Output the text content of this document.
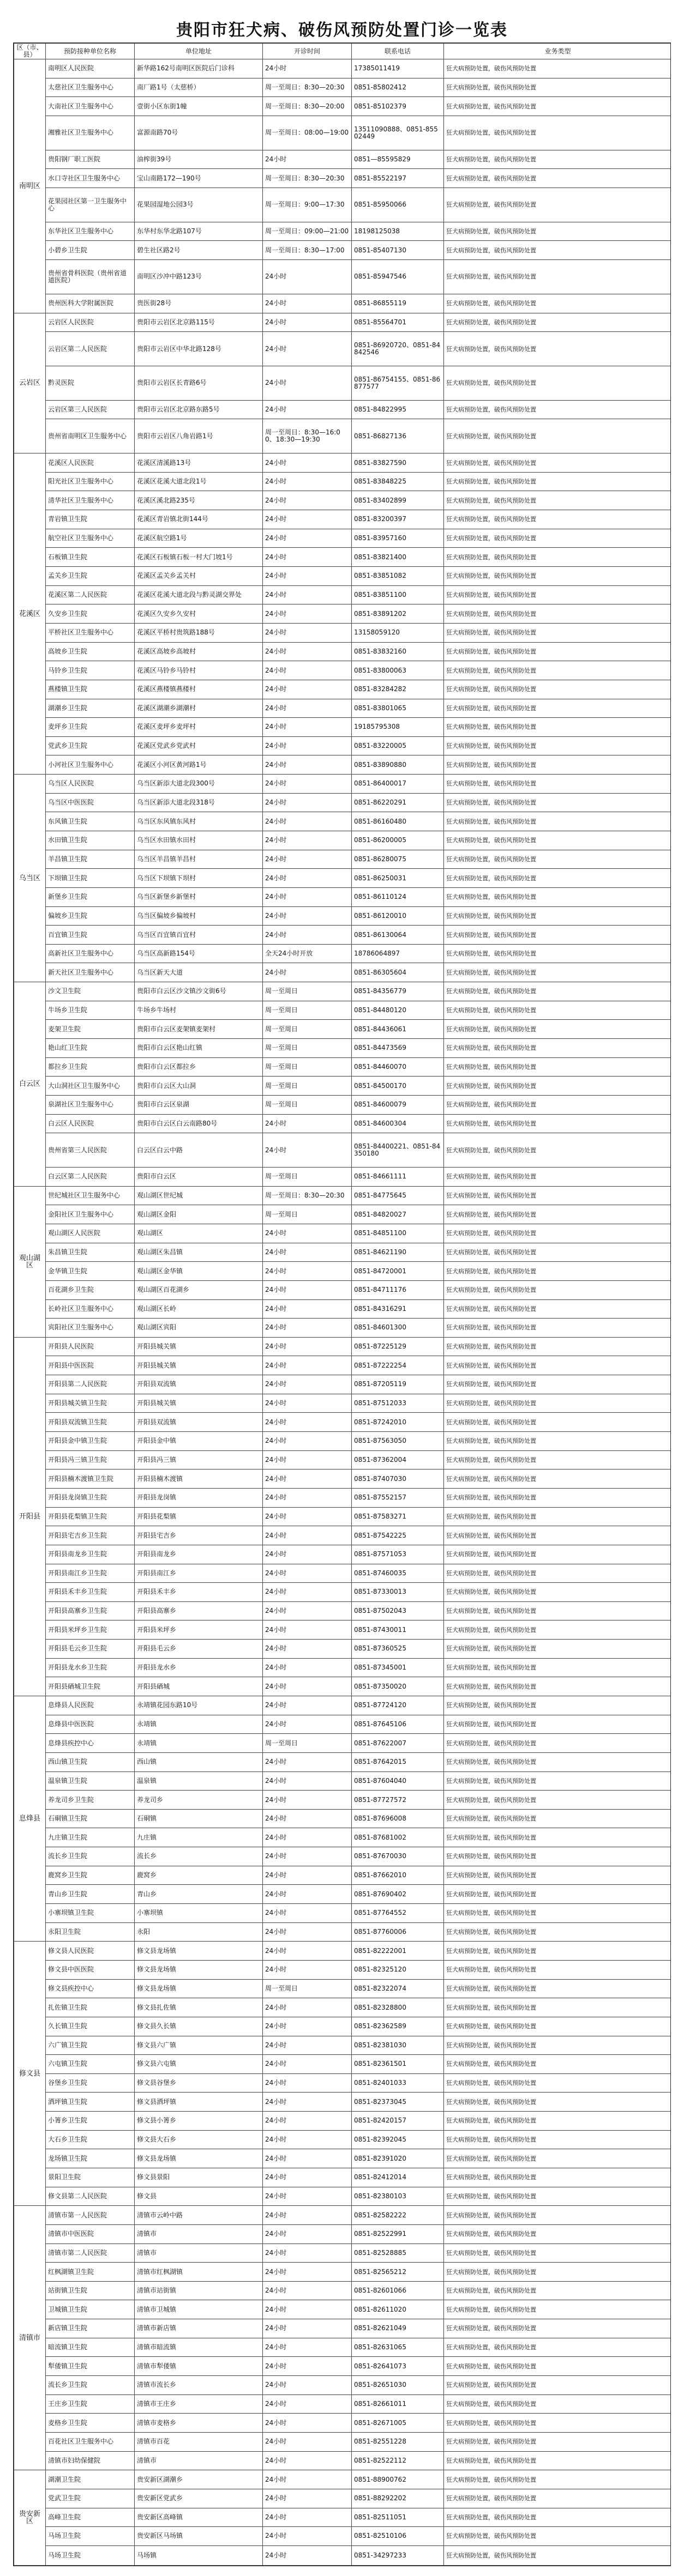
贵阳市狂犬病、破伤风预防处置门诊一览表
区（市、县）	预防接种单位名称	单位地址	开诊时间	联系电话	业务类型
南明区	南明区人民医院	新华路162号南明区医院后门诊科	24小时	17385011419	狂犬病预防处置，破伤风预防处置
	太慈社区卫生服务中心	南厂路1号（太慈桥）	周一至周日：8:30—20:30	0851-85802412	狂犬病预防处置，破伤风预防处置
	大南社区卫生服务中心	壹街小区东街1幢	周一至周日：8:30—20:00	0851-85102379	狂犬病预防处置，破伤风预防处置
	湘雅社区卫生服务中心	富源南路70号	周一至周日：08:00—19:00	13511090888、0851-85502449	狂犬病预防处置，破伤风预防处置
	贵阳钢厂职工医院	油榨街39号	24小时	0851—85595829	狂犬病预防处置，破伤风预防处置
	水口寺社区卫生服务中心	宝山南路172—190号	周一至周日：8:30—20:30	0851-85522197	狂犬病预防处置，破伤风预防处置
	花果园社区第一卫生服务中心	花果园湿地公园3号	周一至周日：9:00—17:30	0851-85950066	狂犬病预防处置，破伤风预防处置
	东华社区卫生服务中心	东华村东华北路107号	周一至周日：09:00—21:00	18198125038	狂犬病预防处置，破伤风预防处置
	小碧乡卫生院	碧生社区路2号	周一至周日：8:30—17:00	0851-85407130	狂犬病预防处置，破伤风预防处置
	贵州省骨科医院（贵州省道道医院）	南明区沙冲中路123号	24小时	0851-85947546	狂犬病预防处置，破伤风预防处置
	贵州医科大学附属医院	贵医街28号	24小时	0851-86855119	狂犬病预防处置，破伤风预防处置
云岩区	云岩区人民医院	贵阳市云岩区北京路115号	24小时	0851-85564701	狂犬病预防处置，破伤风预防处置
	云岩区第二人民医院	贵阳市云岩区中华北路128号	24小时	0851-86920720、0851-84842546	狂犬病预防处置，破伤风预防处置
	黔灵医院	贵阳市云岩区长青路6号	24小时	0851-86754155、0851-86877577	狂犬病预防处置，破伤风预防处置
	云岩区第三人民医院	贵阳市云岩区北京路东路5号	24小时	0851-84822995	狂犬病预防处置，破伤风预防处置
	贵州省南明区卫生服务中心	贵阳市云岩区八角岩路1号	周一至周日：8:30—16:00、18:30—19:30	0851-86827136	狂犬病预防处置，破伤风预防处置
花溪区	花溪区人民医院	花溪区清溪路13号	24小时	0851-83827590	狂犬病预防处置，破伤风预防处置
	阳光社区卫生服务中心	花溪区花溪大道北段1号	24小时	0851-83848225	狂犬病预防处置，破伤风预防处置
	清华社区卫生服务中心	花溪区溪北路235号	24小时	0851-83402899	狂犬病预防处置，破伤风预防处置
	青岩镇卫生院	花溪区青岩镇北街144号	24小时	0851-83200397	狂犬病预防处置，破伤风预防处置
	航空社区卫生服务中心	花溪区航空路1号	24小时	0851-83957160	狂犬病预防处置，破伤风预防处置
	石板镇卫生院	花溪区石板镇石板一村大门坡1号	24小时	0851-83821400	狂犬病预防处置，破伤风预防处置
	孟关乡卫生院	花溪区孟关乡孟关村	24小时	0851-83851082	狂犬病预防处置，破伤风预防处置
	花溪区第二人民医院	花溪区花溪大道北段与黔灵湖交界处	24小时	0851-83851100	狂犬病预防处置，破伤风预防处置
	久安乡卫生院	花溪区久安乡久安村	24小时	0851-83891202	狂犬病预防处置，破伤风预防处置
	平桥社区卫生服务中心	花溪区平桥村贵筑路188号	24小时	13158059120	狂犬病预防处置，破伤风预防处置
	高坡乡卫生院	花溪区高坡乡高坡村	24小时	0851-83832160	狂犬病预防处置，破伤风预防处置
	马铃乡卫生院	花溪区马铃乡马铃村	24小时	0851-83800063	狂犬病预防处置，破伤风预防处置
	燕楼镇卫生院	花溪区燕楼镇燕楼村	24小时	0851-83284282	狂犬病预防处置，破伤风预防处置
	湖潮乡卫生院	花溪区湖潮乡湖潮村	24小时	0851-83801065	狂犬病预防处置，破伤风预防处置
	麦坪乡卫生院	花溪区麦坪乡麦坪村	24小时	19185795308	狂犬病预防处置，破伤风预防处置
	党武乡卫生院	花溪区党武乡党武村	24小时	0851-83220005	狂犬病预防处置，破伤风预防处置
	小河社区卫生服务中心	花溪区小河区黄河路1号	24小时	0851-83890880	狂犬病预防处置，破伤风预防处置
乌当区	乌当区人民医院	乌当区新添大道北段300号	24小时	0851-86400017	狂犬病预防处置，破伤风预防处置
	乌当区中医医院	乌当区新添大道北段318号	24小时	0851-86220291	狂犬病预防处置，破伤风预防处置
	东风镇卫生院	乌当区东风镇东风村	24小时	0851-86160480	狂犬病预防处置，破伤风预防处置
	水田镇卫生院	乌当区水田镇水田村	24小时	0851-86200005	狂犬病预防处置，破伤风预防处置
	羊昌镇卫生院	乌当区羊昌镇羊昌村	24小时	0851-86280075	狂犬病预防处置，破伤风预防处置
	下坝镇卫生院	乌当区下坝镇下坝村	24小时	0851-86250031	狂犬病预防处置，破伤风预防处置
	新堡乡卫生院	乌当区新堡乡新堡村	24小时	0851-86110124	狂犬病预防处置，破伤风预防处置
	偏坡乡卫生院	乌当区偏坡乡偏坡村	24小时	0851-86120010	狂犬病预防处置，破伤风预防处置
	百宜镇卫生院	乌当区百宜镇百宜村	24小时	0851-86130064	狂犬病预防处置，破伤风预防处置
	高新社区卫生服务中心	乌当区高新路154号	全天24小时开放	18786064897	狂犬病预防处置，破伤风预防处置
	新天社区卫生服务中心	乌当区新天大道	24小时	0851-86305604	狂犬病预防处置，破伤风预防处置
白云区	沙文卫生院	贵阳市白云区沙文镇沙文街6号	周一至周日	0851-84356779	狂犬病预防处置，破伤风预防处置
	牛场乡卫生院	牛场乡牛场村	周一至周日	0851-84480120	狂犬病预防处置，破伤风预防处置
	麦架卫生院	贵阳市白云区麦架镇麦架村	周一至周日	0851-84436061	狂犬病预防处置，破伤风预防处置
	艳山红卫生院	贵阳市白云区艳山红镇	周一至周日	0851-84473569	狂犬病预防处置，破伤风预防处置
	都拉乡卫生院	贵阳市白云区都拉乡	周一至周日	0851-84460070	狂犬病预防处置，破伤风预防处置
	大山洞社区卫生服务中心	贵阳市白云区大山洞	周一至周日	0851-84500170	狂犬病预防处置，破伤风预防处置
	泉湖社区卫生服务中心	贵阳市白云区泉湖	周一至周日	0851-84600079	狂犬病预防处置，破伤风预防处置
	白云区人民医院	贵阳市白云区白云南路80号	24小时	0851-84600304	狂犬病预防处置，破伤风预防处置
	贵州省第三人民医院	白云区白云中路	24小时	0851-84400221、0851-84350180	狂犬病预防处置，破伤风预防处置
	白云区第二人民医院	贵阳市白云区	周一至周日	0851-84661111	狂犬病预防处置，破伤风预防处置
观山湖区	世纪城社区卫生服务中心	观山湖区世纪城	周一至周日：8:30—20:30	0851-84775645	狂犬病预防处置，破伤风预防处置
	金阳社区卫生服务中心	观山湖区金阳	周一至周日	0851-84820027	狂犬病预防处置，破伤风预防处置
	观山湖区人民医院	观山湖区	24小时	0851-84851100	狂犬病预防处置，破伤风预防处置
	朱昌镇卫生院	观山湖区朱昌镇	24小时	0851-84621190	狂犬病预防处置，破伤风预防处置
	金华镇卫生院	观山湖区金华镇	24小时	0851-84720001	狂犬病预防处置，破伤风预防处置
	百花湖乡卫生院	观山湖区百花湖乡	24小时	0851-84711176	狂犬病预防处置，破伤风预防处置
	长岭社区卫生服务中心	观山湖区长岭	24小时	0851-84316291	狂犬病预防处置，破伤风预防处置
	宾阳社区卫生服务中心	观山湖区宾阳	24小时	0851-84601300	狂犬病预防处置，破伤风预防处置
开阳县	开阳县人民医院	开阳县城关镇	24小时	0851-87225129	狂犬病预防处置，破伤风预防处置
	开阳县中医医院	开阳县城关镇	24小时	0851-87222254	狂犬病预防处置，破伤风预防处置
	开阳县第二人民医院	开阳县双流镇	24小时	0851-87205119	狂犬病预防处置，破伤风预防处置
	开阳县城关镇卫生院	开阳县城关镇	24小时	0851-87512033	狂犬病预防处置，破伤风预防处置
	开阳县双流镇卫生院	开阳县双流镇	24小时	0851-87242010	狂犬病预防处置，破伤风预防处置
	开阳县金中镇卫生院	开阳县金中镇	24小时	0851-87563050	狂犬病预防处置，破伤风预防处置
	开阳县冯三镇卫生院	开阳县冯三镇	24小时	0851-87362004	狂犬病预防处置，破伤风预防处置
	开阳县楠木渡镇卫生院	开阳县楠木渡镇	24小时	0851-87407030	狂犬病预防处置，破伤风预防处置
	开阳县龙岗镇卫生院	开阳县龙岗镇	24小时	0851-87552157	狂犬病预防处置，破伤风预防处置
	开阳县花梨镇卫生院	开阳县花梨镇	24小时	0851-87583271	狂犬病预防处置，破伤风预防处置
	开阳县宅吉乡卫生院	开阳县宅吉乡	24小时	0851-87542225	狂犬病预防处置，破伤风预防处置
	开阳县南龙乡卫生院	开阳县南龙乡	24小时	0851-87571053	狂犬病预防处置，破伤风预防处置
	开阳县南江乡卫生院	开阳县南江乡	24小时	0851-87460035	狂犬病预防处置，破伤风预防处置
	开阳县禾丰乡卫生院	开阳县禾丰乡	24小时	0851-87330013	狂犬病预防处置，破伤风预防处置
	开阳县高寨乡卫生院	开阳县高寨乡	24小时	0851-87502043	狂犬病预防处置，破伤风预防处置
	开阳县米坪乡卫生院	开阳县米坪乡	24小时	0851-87430011	狂犬病预防处置，破伤风预防处置
	开阳县毛云乡卫生院	开阳县毛云乡	24小时	0851-87360525	狂犬病预防处置，破伤风预防处置
	开阳县龙水乡卫生院	开阳县龙水乡	24小时	0851-87345001	狂犬病预防处置，破伤风预防处置
	开阳县硒城卫生院	开阳县硒城	24小时	0851-87350020	狂犬病预防处置，破伤风预防处置
息烽县	息烽县人民医院	永靖镇花园东路10号	24小时	0851-87724120	狂犬病预防处置，破伤风预防处置
	息烽县中医医院	永靖镇	24小时	0851-87645106	狂犬病预防处置，破伤风预防处置
	息烽县疾控中心	永靖镇	周一至周日	0851-87622007	狂犬病预防处置，破伤风预防处置
	西山镇卫生院	西山镇	24小时	0851-87642015	狂犬病预防处置，破伤风预防处置
	温泉镇卫生院	温泉镇	24小时	0851-87604040	狂犬病预防处置，破伤风预防处置
	养龙司乡卫生院	养龙司乡	24小时	0851-87727572	狂犬病预防处置，破伤风预防处置
	石硐镇卫生院	石硐镇	24小时	0851-87696008	狂犬病预防处置，破伤风预防处置
	九庄镇卫生院	九庄镇	24小时	0851-87681002	狂犬病预防处置，破伤风预防处置
	流长乡卫生院	流长乡	24小时	0851-87670030	狂犬病预防处置，破伤风预防处置
	鹿窝乡卫生院	鹿窝乡	24小时	0851-87662010	狂犬病预防处置，破伤风预防处置
	青山乡卫生院	青山乡	24小时	0851-87690402	狂犬病预防处置，破伤风预防处置
	小寨坝镇卫生院	小寨坝镇	24小时	0851-87764552	狂犬病预防处置，破伤风预防处置
	永阳卫生院	永阳	24小时	0851-87760006	狂犬病预防处置，破伤风预防处置
修文县	修文县人民医院	修文县龙场镇	24小时	0851-82222001	狂犬病预防处置，破伤风预防处置
	修文县中医医院	修文县龙场镇	24小时	0851-82325120	狂犬病预防处置，破伤风预防处置
	修文县疾控中心	修文县龙场镇	周一至周日	0851-82322074	狂犬病预防处置，破伤风预防处置
	扎佐镇卫生院	修文县扎佐镇	24小时	0851-82328800	狂犬病预防处置，破伤风预防处置
	久长镇卫生院	修文县久长镇	24小时	0851-82362589	狂犬病预防处置，破伤风预防处置
	六广镇卫生院	修文县六广镇	24小时	0851-82381030	狂犬病预防处置，破伤风预防处置
	六屯镇卫生院	修文县六屯镇	24小时	0851-82361501	狂犬病预防处置，破伤风预防处置
	谷堡乡卫生院	修文县谷堡乡	24小时	0851-82401033	狂犬病预防处置，破伤风预防处置
	洒坪镇卫生院	修文县洒坪镇	24小时	0851-82373045	狂犬病预防处置，破伤风预防处置
	小箐乡卫生院	修文县小箐乡	24小时	0851-82420157	狂犬病预防处置，破伤风预防处置
	大石乡卫生院	修文县大石乡	24小时	0851-82392045	狂犬病预防处置，破伤风预防处置
	龙场镇卫生院	修文县龙场镇	24小时	0851-82391020	狂犬病预防处置，破伤风预防处置
	景阳卫生院	修文县景阳	24小时	0851-82412014	狂犬病预防处置，破伤风预防处置
	修文县第二人民医院	修文县	24小时	0851-82380103	狂犬病预防处置，破伤风预防处置
清镇市	清镇市第一人民医院	清镇市云岭中路	24小时	0851-82582222	狂犬病预防处置，破伤风预防处置
	清镇市中医医院	清镇市	24小时	0851-82522991	狂犬病预防处置，破伤风预防处置
	清镇市第二人民医院	清镇市	24小时	0851-82528885	狂犬病预防处置，破伤风预防处置
	红枫湖镇卫生院	清镇市红枫湖镇	24小时	0851-82565212	狂犬病预防处置，破伤风预防处置
	站街镇卫生院	清镇市站街镇	24小时	0851-82601066	狂犬病预防处置，破伤风预防处置
	卫城镇卫生院	清镇市卫城镇	24小时	0851-82611020	狂犬病预防处置，破伤风预防处置
	新店镇卫生院	清镇市新店镇	24小时	0851-82621049	狂犬病预防处置，破伤风预防处置
	暗流镇卫生院	清镇市暗流镇	24小时	0851-82631065	狂犬病预防处置，破伤风预防处置
	犁倭镇卫生院	清镇市犁倭镇	24小时	0851-82641073	狂犬病预防处置，破伤风预防处置
	流长乡卫生院	清镇市流长乡	24小时	0851-82651030	狂犬病预防处置，破伤风预防处置
	王庄乡卫生院	清镇市王庄乡	24小时	0851-82661011	狂犬病预防处置，破伤风预防处置
	麦格乡卫生院	清镇市麦格乡	24小时	0851-82671005	狂犬病预防处置，破伤风预防处置
	百花社区卫生服务中心	清镇市百花	24小时	0851-82551228	狂犬病预防处置，破伤风预防处置
	清镇市妇幼保健院	清镇市	24小时	0851-82522112	狂犬病预防处置，破伤风预防处置
贵安新区	湖潮卫生院	贵安新区湖潮乡	24小时	0851-88900762	狂犬病预防处置，破伤风预防处置
	党武卫生院	贵安新区党武乡	24小时	0851-88292202	狂犬病预防处置，破伤风预防处置
	高峰卫生院	贵安新区高峰镇	24小时	0851-82511051	狂犬病预防处置，破伤风预防处置
	马场卫生院	贵安新区马场镇	24小时	0851-82510106	狂犬病预防处置，破伤风预防处置
	马场卫生院	马场镇	24小时	0851-34297233	狂犬病预防处置，破伤风预防处置
